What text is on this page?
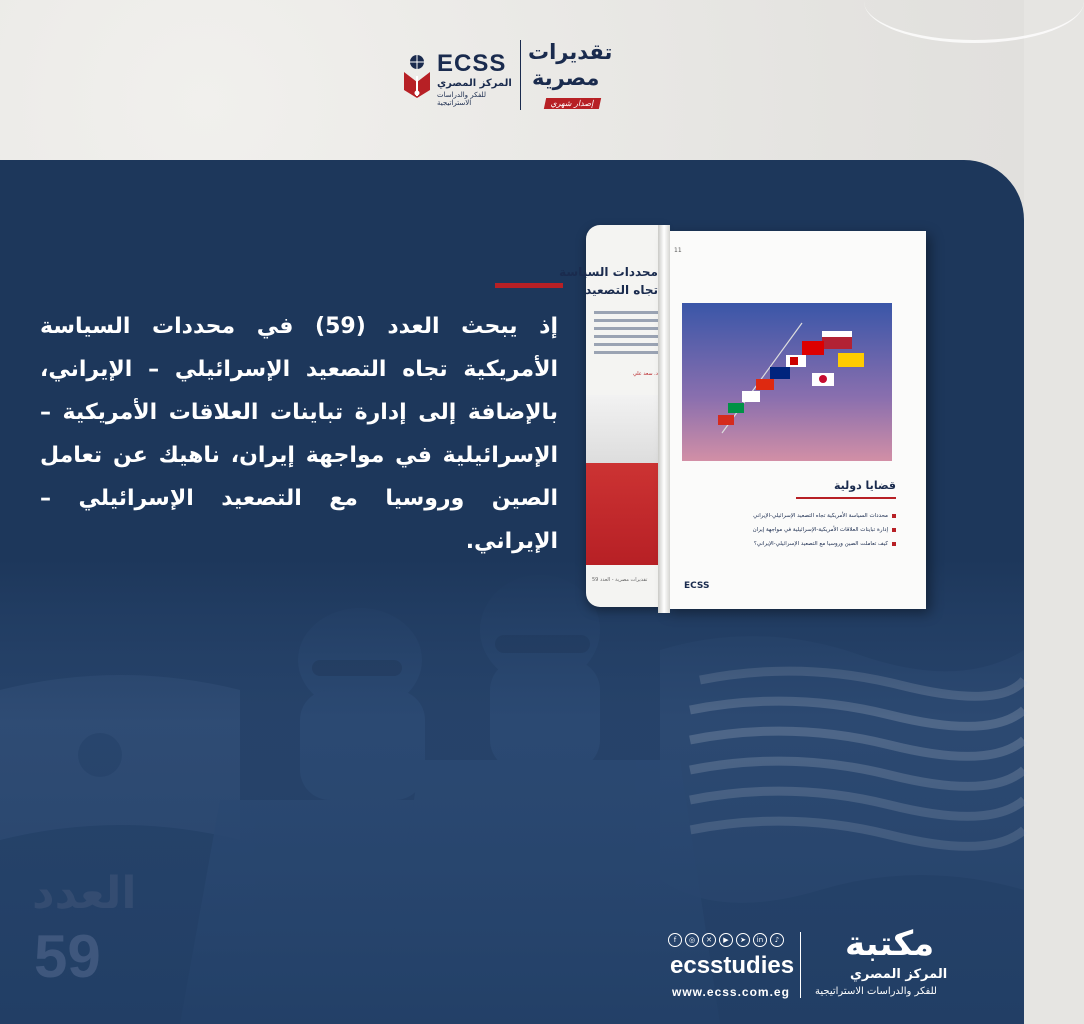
ECSS
المركز المصري
للفكر والدراسات الاستراتيجية
تقديرات
مصرية
إصدار شهري
العدد
59
إذ يبحث العدد (59) في محددات السياسة الأمريكية تجاه التصعيد الإسرائيلي – الإيراني، بالإضافة إلى إدارة تباينات العلاقات الأمريكية – الإسرائيلية في مواجهة إيران، ناهيك عن تعامل الصين وروسيا مع التصعيد الإسرائيلي – الإيراني.
محددات السياسة
تجاه التصعيد
د. سعد علي
تقديرات مصرية - العدد 59
11
قضايا دولية
محددات السياسة الأمريكية تجاه التصعيد الإسرائيلي-الإيراني
إدارة تباينات العلاقات الأمريكية-الإسرائيلية في مواجهة إيران
كيف تعاملت الصين وروسيا مع التصعيد الإسرائيلي-الإيراني؟
ECSS
f ◎ ✕ ▶ ➤ in ♪
ecsstudies
www.ecss.com.eg
مكتبة
المركز المصري
للفكر والدراسات الاستراتيجية
